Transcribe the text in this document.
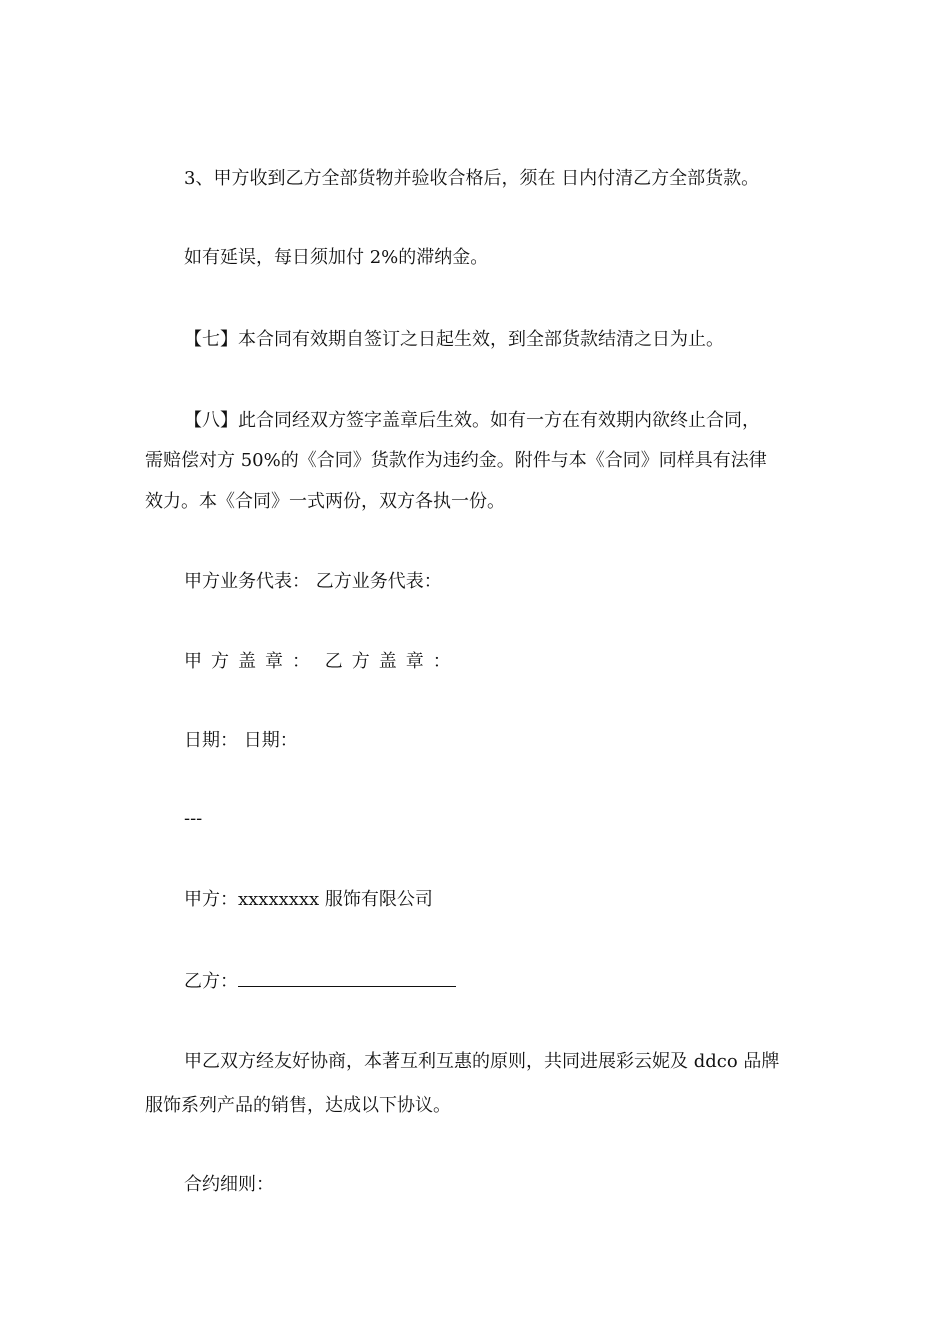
3、甲方收到乙方全部货物并验收合格后，须在 日内付清乙方全部货款。
如有延误，每日须加付 2%的滞纳金。
【七】本合同有效期自签订之日起生效，到全部货款结清之日为止。
【八】此合同经双方签字盖章后生效。如有一方在有效期内欲终止合同，
需赔偿对方 50%的《合同》货款作为违约金。附件与本《合同》同样具有法律
效力。本《合同》一式两份，双方各执一份。
甲方业务代表： 乙方业务代表：
甲方盖章： 乙方盖章：
日期： 日期：
---
甲方：xxxxxxxx 服饰有限公司
乙方：
甲乙双方经友好协商，本著互利互惠的原则，共同进展彩云妮及 ddco 品牌
服饰系列产品的销售，达成以下协议。
合约细则：
